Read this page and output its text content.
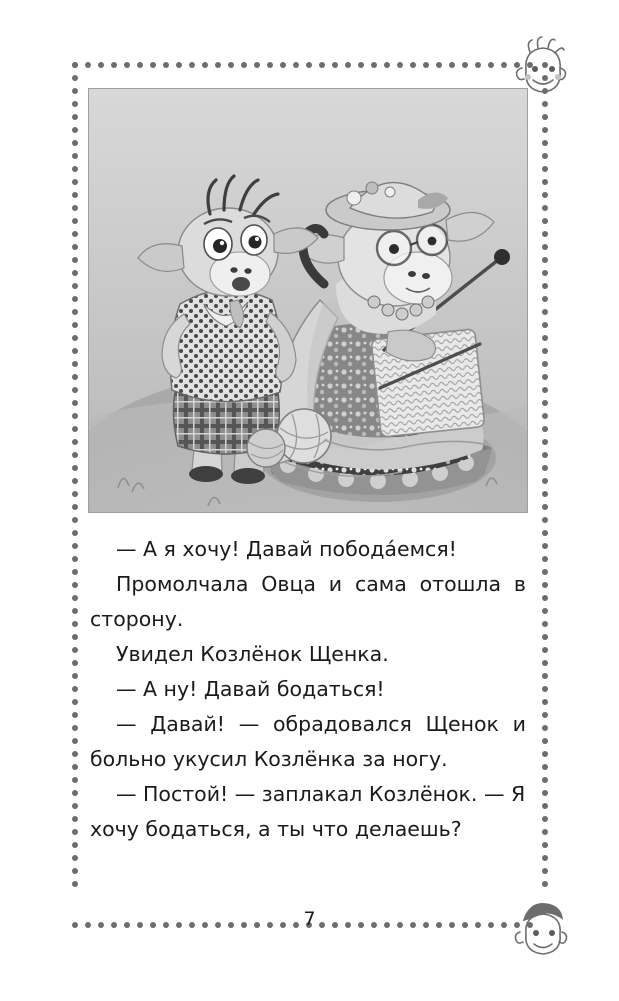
— А я хочу! Давай побода́емся!

Промолчала Овца и сама отошла в сторону.

Увидел Козлёнок Щенка.

— А ну! Давай бодаться!

— Давай! — обрадовался Щенок и больно укусил Козлёнка за ногу.

— Постой! — заплакал Козлёнок. — Я хочу бодаться, а ты что делаешь?

7
